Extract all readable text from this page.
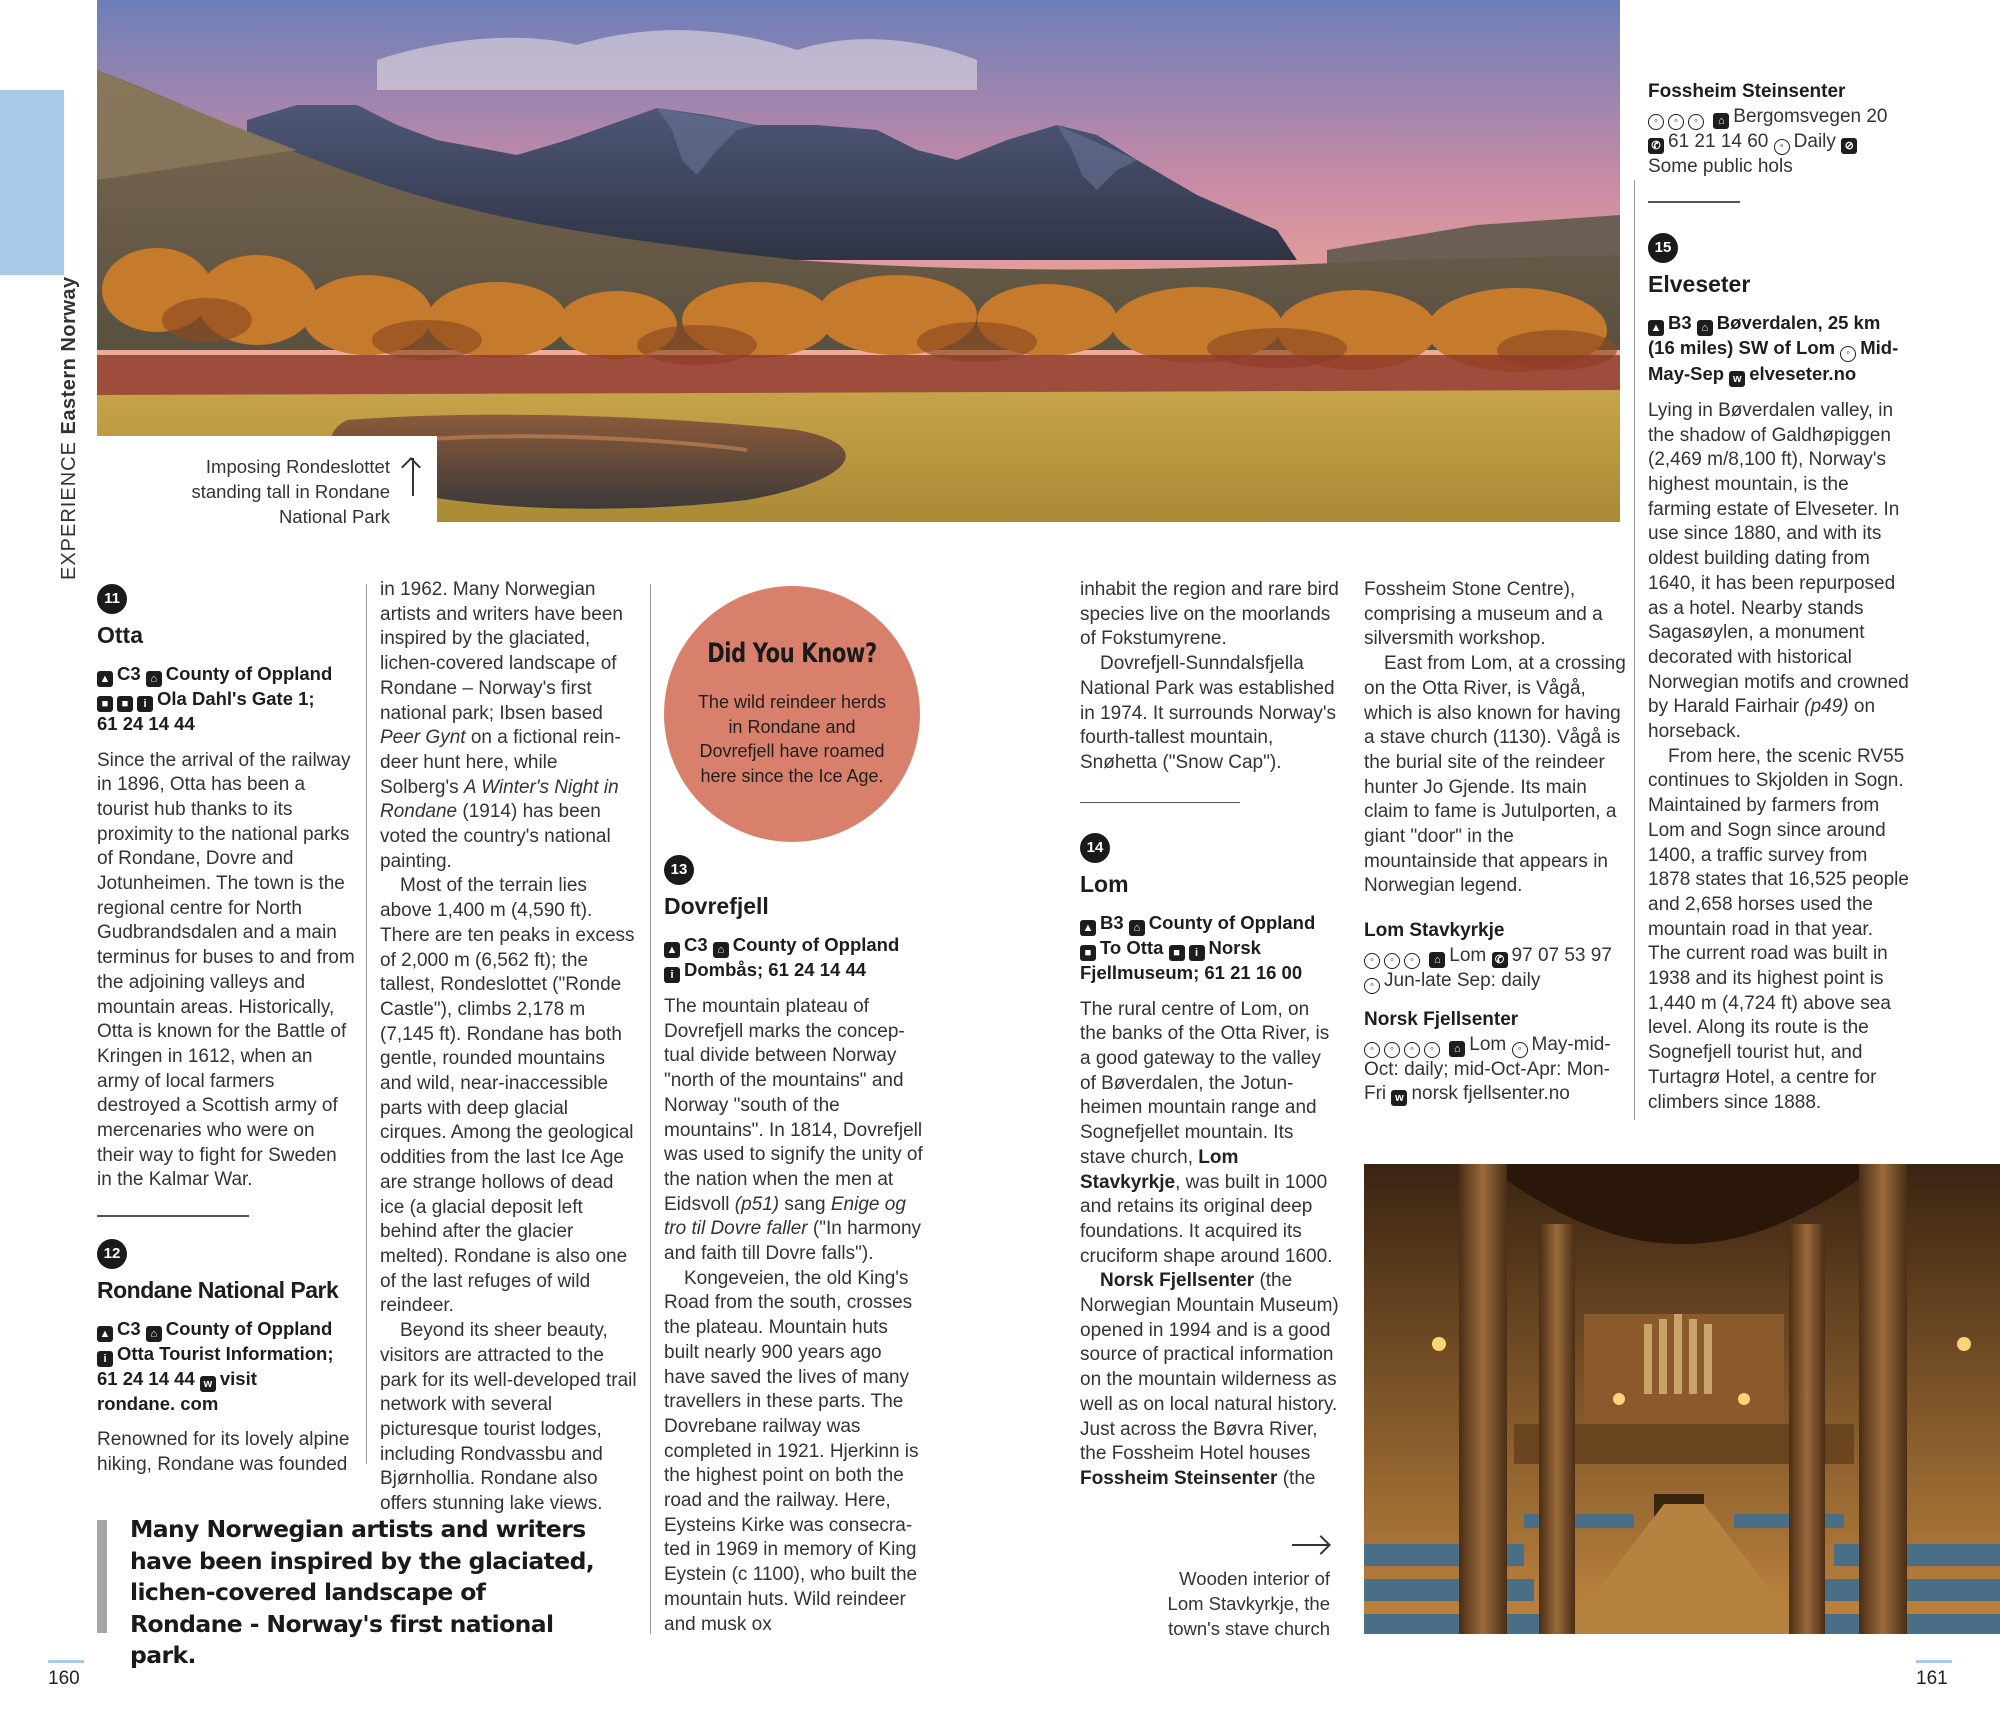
EXPERIENCE Eastern Norway
Imposing Rondeslottet
standing tall in Rondane
National Park
11
Otta
▲ C3 ⌂ County of Oppland
■ ■ i Ola Dahl's Gate 1;
61 24 14 44

Since the arrival of the railway in 1896, Otta has been a tourist hub thanks to its proximity to the national parks of Rondane, Dovre and Jotunheimen. The town is the regional centre for North Gudbrandsdalen and a main terminus for buses to and from the adjoining valleys and mountain areas. Historically, Otta is known for the Battle of Kringen in 1612, when an army of local farmers destroyed a Scottish army of mercenaries who were on their way to fight for Sweden in the Kalmar War.

12
Rondane National Park
▲ C3 ⌂ County of Oppland
i Otta Tourist Information;
61 24 14 44 w visit
rondane. com

Renowned for its lovely alpine hiking, Rondane was founded

in 1962. Many Norwegian artists and writers have been inspired by the glaciated, lichen-covered landscape of Rondane – Norway's first national park; Ibsen based Peer Gynt on a fictional rein-deer hunt here, while Solberg's A Winter's Night in Rondane (1914) has been voted the country's national painting.

Most of the terrain lies above 1,400 m (4,590 ft). There are ten peaks in excess of 2,000 m (6,562 ft); the tallest, Rondeslottet ("Ronde Castle"), climbs 2,178 m (7,145 ft). Rondane has both gentle, rounded mountains and wild, near-inaccessible parts with deep glacial cirques. Among the geological oddities from the last Ice Age are strange hollows of dead ice (a glacial deposit left behind after the glacier melted). Rondane is also one of the last refuges of wild reindeer.

Beyond its sheer beauty, visitors are attracted to the park for its well-developed trail network with several picturesque tourist lodges, including Rondvassbu and Bjørnhollia. Rondane also offers stunning lake views.

Many Norwegian artists and writers have been inspired by the glaciated, lichen-covered landscape of Rondane - Norway's first national park.
Did You Know?
The wild reindeer herds in Rondane and Dovrefjell have roamed here since the Ice Age.
13
Dovrefjell
▲ C3 ⌂ County of Oppland
i Dombås; 61 24 14 44

The mountain plateau of Dovrefjell marks the concep-tual divide between Norway "north of the mountains" and Norway "south of the mountains". In 1814, Dovrefjell was used to signify the unity of the nation when the men at Eidsvoll (p51) sang Enige og tro til Dovre faller ("In harmony and faith till Dovre falls").

Kongeveien, the old King's Road from the south, crosses the plateau. Mountain huts built nearly 900 years ago have saved the lives of many travellers in these parts. The Dovrebane railway was completed in 1921. Hjerkinn is the highest point on both the road and the railway. Here, Eysteins Kirke was consecra-ted in 1969 in memory of King Eystein (c 1100), who built the mountain huts. Wild reindeer and musk ox

inhabit the region and rare bird species live on the moorlands of Fokstumyrene.

Dovrefjell-Sunndalsfjella National Park was established in 1974. It surrounds Norway's fourth-tallest mountain, Snøhetta ("Snow Cap").

14
Lom
▲ B3 ⌂ County of Oppland
■ To Otta ■ i Norsk
Fjellmuseum; 61 21 16 00

The rural centre of Lom, on the banks of the Otta River, is a good gateway to the valley of Bøverdalen, the Jotun-heimen mountain range and Sognefjellet mountain. Its stave church, Lom Stavkyrkje, was built in 1000 and retains its original deep foundations. It acquired its cruciform shape around 1600.

Norsk Fjellsenter (the Norwegian Mountain Museum) opened in 1994 and is a good source of practical information on the mountain wilderness as well as on local natural history. Just across the Bøvra River, the Fossheim Hotel houses Fossheim Steinsenter (the

Fossheim Stone Centre), comprising a museum and a silversmith workshop.

East from Lom, at a crossing on the Otta River, is Vågå, which is also known for having a stave church (1130). Vågå is the burial site of the reindeer hunter Jo Gjende. Its main claim to fame is Jutulporten, a giant "door" in the mountainside that appears in Norwegian legend.

Lom Stavkyrkje
◦ ◦ ◦ ⌂ Lom ✆ 97 07 53 97
◦ Jun-late Sep: daily
Norsk Fjellsenter
◦ ◦ ◦ ◦ ⌂ Lom ◦ May-mid-Oct: daily; mid-Oct-Apr: Mon-Fri w norsk fjellsenter.no
Fossheim Steinsenter
◦ ◦ ◦ ⌂ Bergomsvegen 20
✆ 61 21 14 60 ◦ Daily ⊘Some public hols
15
Elveseter
▲ B3 ⌂ Bøverdalen, 25 km (16 miles) SW of Lom ◦ Mid-May-Sep w elveseter.no

Lying in Bøverdalen valley, in the shadow of Galdhøpiggen (2,469 m/8,100 ft), Norway's highest mountain, is the farming estate of Elveseter. In use since 1880, and with its oldest building dating from 1640, it has been repurposed as a hotel. Nearby stands Sagasøylen, a monument decorated with historical Norwegian motifs and crowned by Harald Fairhair (p49) on horseback.

From here, the scenic RV55 continues to Skjolden in Sogn. Maintained by farmers from Lom and Sogn since around 1400, a traffic survey from 1878 states that 16,525 people and 2,658 horses used the mountain road in that year. The current road was built in 1938 and its highest point is 1,440 m (4,724 ft) above sea level. Along its route is the Sognefjell tourist hut, and Turtagrø Hotel, a centre for climbers since 1888.

Wooden interior of
Lom Stavkyrkje, the
town's stave church
160	161
